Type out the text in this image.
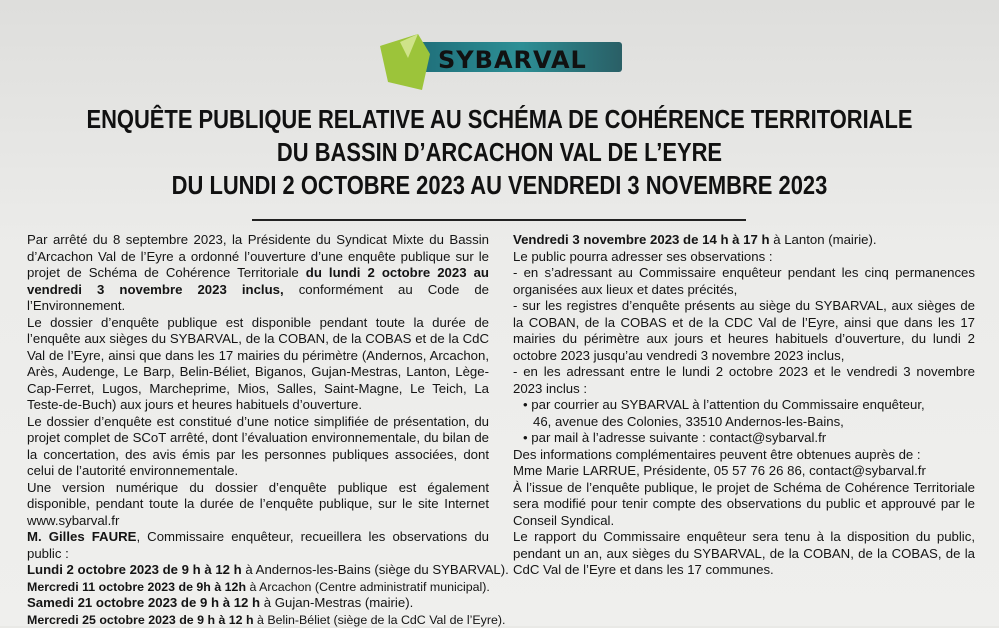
SYBARVAL
ENQUÊTE PUBLIQUE RELATIVE AU SCHÉMA DE COHÉRENCE TERRITORIALE
DU BASSIN D’ARCACHON VAL DE L’EYRE
DU LUNDI 2 OCTOBRE 2023 AU VENDREDI 3 NOVEMBRE 2023

Par arrêté du 8 septembre 2023, la Présidente du Syndicat Mixte du Bassin d’Arcachon Val de l’Eyre a ordonné l’ouverture d’une enquête publique sur le projet de Schéma de Cohérence Territoriale du lundi 2 octobre 2023 au vendredi 3 novembre 2023 inclus, conformément au Code de l’Environnement.

Le dossier d’enquête publique est disponible pendant toute la durée de l’enquête aux sièges du SYBARVAL, de la COBAN, de la COBAS et de la CdC Val de l’Eyre, ainsi que dans les 17 mairies du périmètre (Andernos, Arcachon, Arès, Audenge, Le Barp, Belin-Béliet, Biganos, Gujan-Mestras, Lanton, Lège-Cap-Ferret, Lugos, Marcheprime, Mios, Salles, Saint-Magne, Le Teich, La Teste-de-Buch) aux jours et heures habituels d’ouverture.

Le dossier d’enquête est constitué d’une notice simplifiée de présentation, du projet complet de SCoT arrêté, dont l’évaluation environnementale, du bilan de la concertation, des avis émis par les personnes publiques associées, dont celui de l’autorité environnementale.

Une version numérique du dossier d’enquête publique est également disponible, pendant toute la durée de l’enquête publique, sur le site Internet www.sybarval.fr

M. Gilles FAURE, Commissaire enquêteur, recueillera les observations du public :

Lundi 2 octobre 2023 de 9 h à 12 h à Andernos-les-Bains (siège du SYBARVAL).
Mercredi 11 octobre 2023 de 9h à 12h à Arcachon (Centre administratif municipal).
Samedi 21 octobre 2023 de 9 h à 12 h à Gujan-Mestras (mairie).
Mercredi 25 octobre 2023 de 9 h à 12 h à Belin-Béliet (siège de la CdC Val de l’Eyre).
Vendredi 3 novembre 2023 de 14 h à 17 h à Lanton (mairie).

Le public pourra adresser ses observations :

- en s’adressant au Commissaire enquêteur pendant les cinq permanences organisées aux lieux et dates précités,

- sur les registres d’enquête présents au siège du SYBARVAL, aux sièges de la COBAN, de la COBAS et de la CDC Val de l’Eyre, ainsi que dans les 17 mairies du périmètre aux jours et heures habituels d’ouverture, du lundi 2 octobre 2023 jusqu’au vendredi 3 novembre 2023 inclus,

- en les adressant entre le lundi 2 octobre 2023 et le vendredi 3 novembre 2023 inclus :

• par courrier au SYBARVAL à l’attention du Commissaire enquêteur,

46, avenue des Colonies, 33510 Andernos-les-Bains,

• par mail à l’adresse suivante : contact@sybarval.fr

Des informations complémentaires peuvent être obtenues auprès de :

Mme Marie LARRUE, Présidente, 05 57 76 26 86, contact@sybarval.fr

À l’issue de l’enquête publique, le projet de Schéma de Cohérence Territoriale sera modifié pour tenir compte des observations du public et approuvé par le Conseil Syndical.

Le rapport du Commissaire enquêteur sera tenu à la disposition du public, pendant un an, aux sièges du SYBARVAL, de la COBAN, de la COBAS, de la CdC Val de l’Eyre et dans les 17 communes.
